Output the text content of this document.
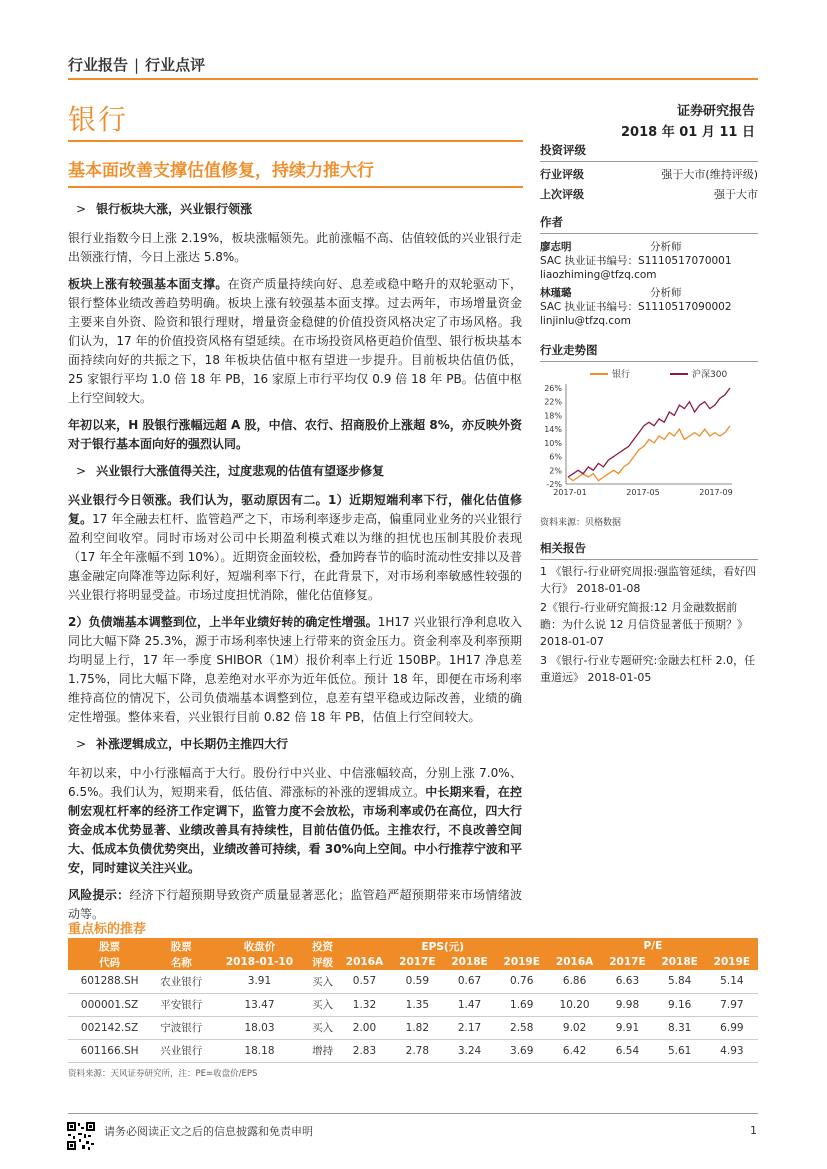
行业报告 | 行业点评
银行	证券研究报告
2018 年 01 月 11 日
基本面改善支撑估值修复，持续力推大行
> 银行板块大涨，兴业银行领涨

银行业指数今日上涨 2.19%，板块涨幅领先。此前涨幅不高、估值较低的兴业银行走出领涨行情，今日上涨达 5.8%。

板块上涨有较强基本面支撑。在资产质量持续向好、息差或稳中略升的双轮驱动下，银行整体业绩改善趋势明确。板块上涨有较强基本面支撑。过去两年，市场增量资金主要来自外资、险资和银行理财，增量资金稳健的价值投资风格决定了市场风格。我们认为，17 年的价值投资风格有望延续。在市场投资风格更趋价值型、银行板块基本面持续向好的共振之下，18 年板块估值中枢有望进一步提升。目前板块估值仍低，25 家银行平均 1.0 倍 18 年 PB，16 家原上市行平均仅 0.9 倍 18 年 PB。估值中枢上行空间较大。

年初以来，H 股银行涨幅远超 A 股，中信、农行、招商股价上涨超 8%，亦反映外资对于银行基本面向好的强烈认同。

> 兴业银行大涨值得关注，过度悲观的估值有望逐步修复

兴业银行今日领涨。我们认为，驱动原因有二。1）近期短端利率下行，催化估值修复。17 年全融去杠杆、监管趋严之下，市场利率逐步走高，偏重同业业务的兴业银行盈利空间收窄。同时市场对公司中长期盈利模式难以为继的担忧也压制其股价表现（17 年全年涨幅不到 10%）。近期资金面较松，叠加跨春节的临时流动性安排以及普惠金融定向降准等边际利好，短端利率下行，在此背景下，对市场利率敏感性较强的兴业银行将明显受益。市场过度担忧消除，催化估值修复。

2）负债端基本调整到位，上半年业绩好转的确定性增强。1H17 兴业银行净利息收入同比大幅下降 25.3%，源于市场利率快速上行带来的资金压力。资金利率及利率预期均明显上行，17 年一季度 SHIBOR（1M）报价利率上行近 150BP。1H17 净息差 1.75%，同比大幅下降，息差绝对水平亦为近年低位。预计 18 年，即便在市场利率维持高位的情况下，公司负债端基本调整到位，息差有望平稳或边际改善，业绩的确定性增强。整体来看，兴业银行目前 0.82 倍 18 年 PB，估值上行空间较大。

> 补涨逻辑成立，中长期仍主推四大行

年初以来，中小行涨幅高于大行。股份行中兴业、中信涨幅较高，分别上涨 7.0%、6.5%。我们认为，短期来看，低估值、滞涨标的补涨的逻辑成立。中长期来看，在控制宏观杠杆率的经济工作定调下，监管力度不会放松，市场利率或仍在高位，四大行资金成本优势显著、业绩改善具有持续性，目前估值仍低。主推农行，不良改善空间大、低成本负债优势突出，业绩改善可持续，看 30%向上空间。中小行推荐宁波和平安，同时建议关注兴业。

风险提示：经济下行超预期导致资产质量显著恶化；监管趋严超预期带来市场情绪波动等。

投资评级
行业评级	强于大市(维持评级)
上次评级	强于大市
作者
廖志明	分析师
SAC 执业证书编号：S1110517070001
liaozhiming@tfzq.com
林瑾璐	分析师
SAC 执业证书编号：S1110517090002
linjinlu@tfzq.com
行业走势图
银行	沪深300
-2%
2%
6%
10%
14%
18%
22%
26%
2017-01	2017-05	2017-09
资料来源：贝格数据
相关报告
1 《银行-行业研究周报:强监管延续，看好四大行》 2018-01-08
2《银行-行业研究简报:12 月金融数据前瞻：为什么说 12 月信贷显著低于预期？》 2018-01-07
3 《银行-行业专题研究:金融去杠杆 2.0，任重道远》 2018-01-05
重点标的推荐
股票	股票	收盘价	投资	EPS(元)				P/E			
代码	名称	2018-01-10	评级	2016A	2017E	2018E	2019E	2016A	2017E	2018E	2019E
601288.SH	农业银行	3.91	买入	0.57	0.59	0.67	0.76	6.86	6.63	5.84	5.14
000001.SZ	平安银行	13.47	买入	1.32	1.35	1.47	1.69	10.20	9.98	9.16	7.97
002142.SZ	宁波银行	18.03	买入	2.00	1.82	2.17	2.58	9.02	9.91	8.31	6.99
601166.SH	兴业银行	18.18	增持	2.83	2.78	3.24	3.69	6.42	6.54	5.61	4.93
资料来源：天风证券研究所，注：PE=收盘价/EPS
请务必阅读正文之后的信息披露和免责申明	1
